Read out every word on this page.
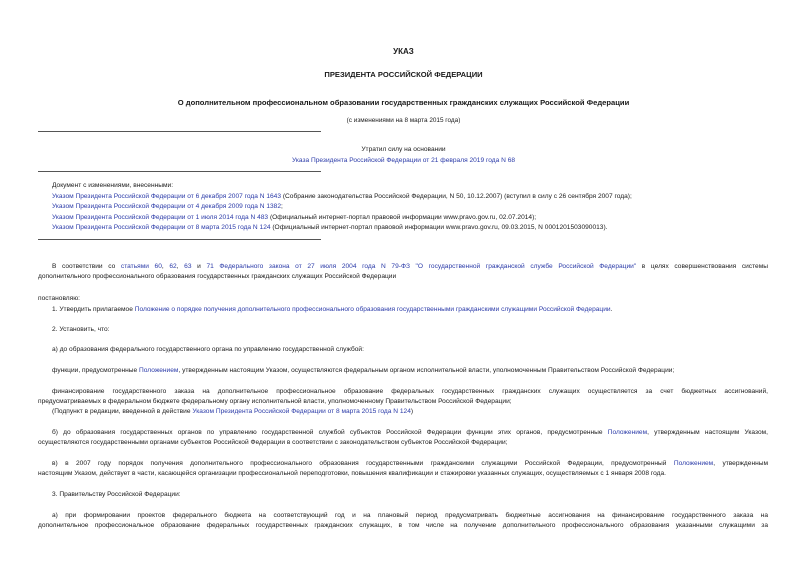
УКАЗ
ПРЕЗИДЕНТА РОССИЙСКОЙ ФЕДЕРАЦИИ
О дополнительном профессиональном образовании государственных гражданских служащих Российской Федерации
(с изменениями на 8 марта 2015 года)
Утратил силу на основании
Указа Президента Российской Федерации от 21 февраля 2019 года N 68
Документ с изменениями, внесенными:
Указом Президента Российской Федерации от 6 декабря 2007 года N 1643 (Собрание законодательства Российской Федерации, N 50, 10.12.2007) (вступил в силу с 26 сентября 2007 года);
Указом Президента Российской Федерации от 4 декабря 2009 года N 1382;
Указом Президента Российской Федерации от 1 июля 2014 года N 483 (Официальный интернет-портал правовой информации www.pravo.gov.ru, 02.07.2014);
Указом Президента Российской Федерации от 8 марта 2015 года N 124 (Официальный интернет-портал правовой информации www.pravo.gov.ru, 09.03.2015, N 0001201503090013).
В соответствии со статьями 60, 62, 63 и 71 Федерального закона от 27 июля 2004 года N 79-ФЗ "О государственной гражданской службе Российской Федерации" в целях совершенствования системы
дополнительного профессионального образования государственных гражданских служащих Российской Федерации
постановляю:
1. Утвердить прилагаемое Положение о порядке получения дополнительного профессионального образования государственными гражданскими служащими Российской Федерации.
2. Установить, что:
а) до образования федерального государственного органа по управлению государственной службой:
функции, предусмотренные Положением, утвержденным настоящим Указом, осуществляются федеральным органом исполнительной власти, уполномоченным Правительством Российской Федерации;
финансирование государственного заказа на дополнительное профессиональное образование федеральных государственных гражданских служащих осуществляется за счет бюджетных ассигнований,
предусматриваемых в федеральном бюджете федеральному органу исполнительной власти, уполномоченному Правительством Российской Федерации;
(Подпункт в редакции, введенной в действие Указом Президента Российской Федерации от 8 марта 2015 года N 124)
б) до образования государственных органов по управлению государственной службой субъектов Российской Федерации функции этих органов, предусмотренные Положением, утвержденным настоящим Указом,
осуществляются государственными органами субъектов Российской Федерации в соответствии с законодательством субъектов Российской Федерации;
в) в 2007 году порядок получения дополнительного профессионального образования государственными гражданскими служащими Российской Федерации, предусмотренный Положением, утвержденным
настоящим Указом, действует в части, касающейся организации профессиональной переподготовки, повышения квалификации и стажировки указанных служащих, осуществляемых с 1 января 2008 года.
3. Правительству Российской Федерации:
а) при формировании проектов федерального бюджета на соответствующий год и на плановый период предусматривать бюджетные ассигнования на финансирование государственного заказа на
дополнительное профессиональное образование федеральных государственных гражданских служащих, в том числе на получение дополнительного профессионального образования указанными служащими за
